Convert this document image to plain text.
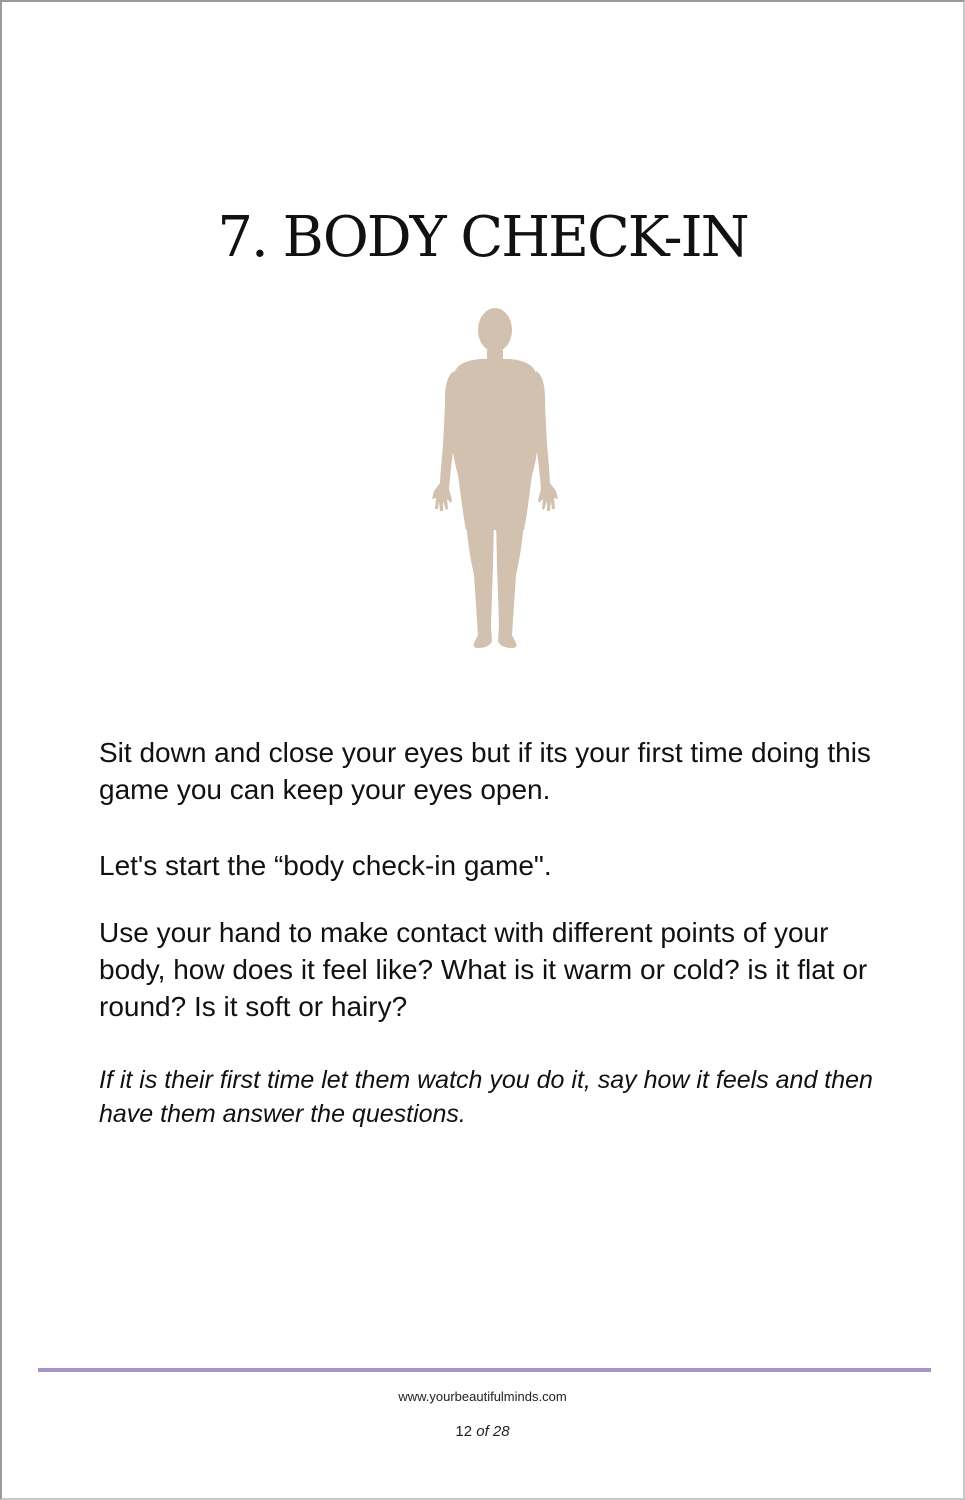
7. BODY CHECK-IN

Sit down and close your eyes but if its your first time doing this game you can keep your eyes open.

Let's start the “body check-in game".

Use your hand to make contact with different points of your body, how does it feel like? What is it warm or cold? is it flat or round? Is it soft or hairy?

If it is their first time let them watch you do it, say how it feels and then have them answer the questions.

www.yourbeautifulminds.com
12 of 28
